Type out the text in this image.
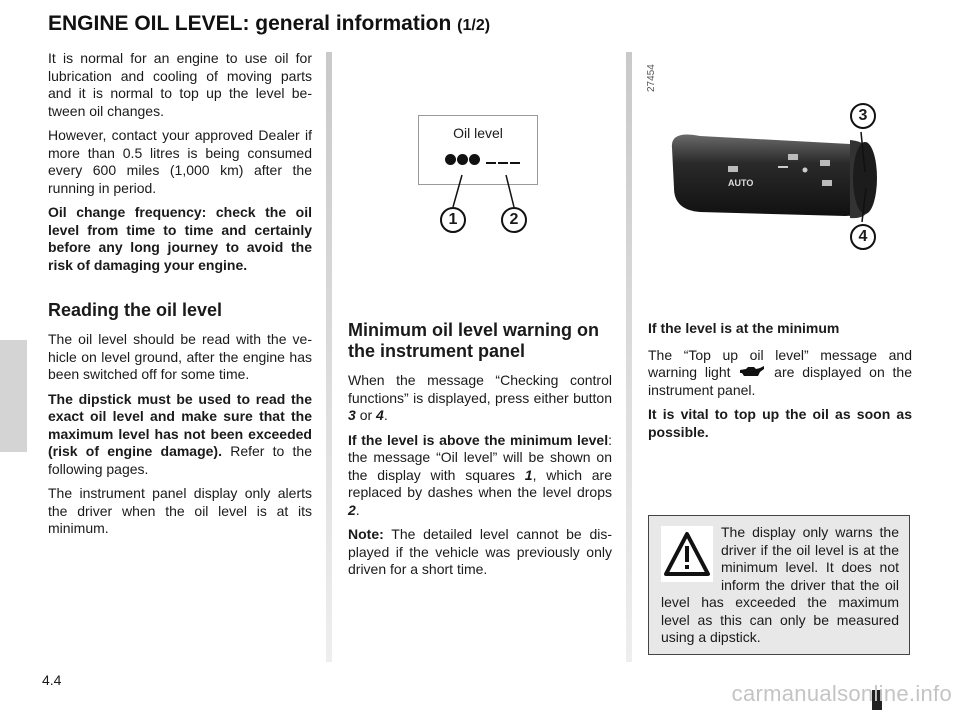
ENGINE OIL LEVEL: general information (1/2)

It is normal for an engine to use oil for lubrication and cooling of moving parts and it is normal to top up the level be-tween oil changes.

However, contact your approved Dealer if more than 0.5 litres is being consumed every 600 miles (1,000 km) after the running in period.

Oil change frequency: check the oil level from time to time and certainly before any long journey to avoid the risk of damaging your engine.

Reading the oil level

The oil level should be read with the ve-hicle on level ground, after the engine has been switched off for some time.

The dipstick must be used to read the exact oil level and make sure that the maximum level has not been exceeded (risk of engine damage). Refer to the following pages.

The instrument panel display only alerts the driver when the oil level is at its minimum.

Oil level

1	2
Minimum oil level warning on the instrument panel

When the message “Checking control functions” is displayed, press either button 3 or 4.

If the level is above the minimum level: the message “Oil level” will be shown on the display with squares 1, which are replaced by dashes when the level drops 2.

Note: The detailed level cannot be dis-played if the vehicle was previously only driven for a short time.

27454
AUTO
3
4

If the level is at the minimum

The “Top up oil level” message and warning light	are displayed on the instrument panel.

It is vital to top up the oil as soon as possible.

The display only warns the driver if the oil level is at the minimum level. It does not inform the driver that the oil level has exceeded the maximum level as this can only be measured using a dipstick.
4.4
carmanualsonline.info
